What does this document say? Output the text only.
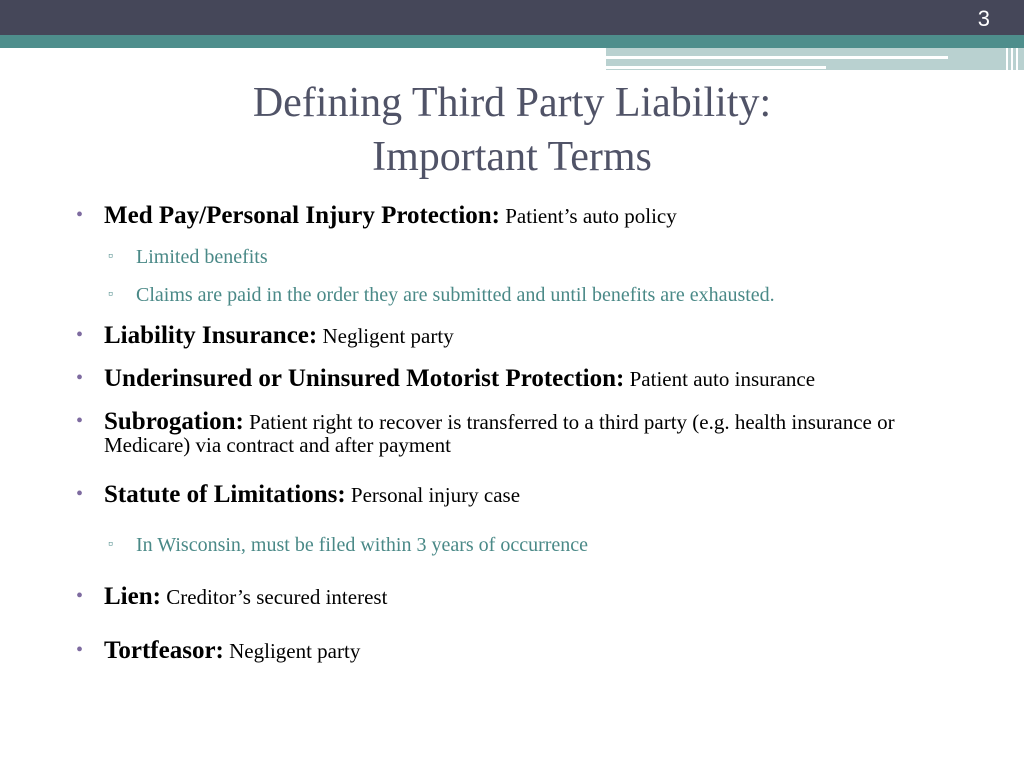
3
Defining Third Party Liability:
Important Terms
• Med Pay/Personal Injury Protection: Patient’s auto policy
▫ Limited benefits
▫ Claims are paid in the order they are submitted and until benefits are exhausted.
• Liability Insurance: Negligent party
• Underinsured or Uninsured Motorist Protection: Patient auto insurance
• Subrogation: Patient right to recover is transferred to a third party (e.g. health insurance or Medicare) via contract and after payment
• Statute of Limitations: Personal injury case
▫ In Wisconsin, must be filed within 3 years of occurrence
• Lien: Creditor’s secured interest
• Tortfeasor: Negligent party
